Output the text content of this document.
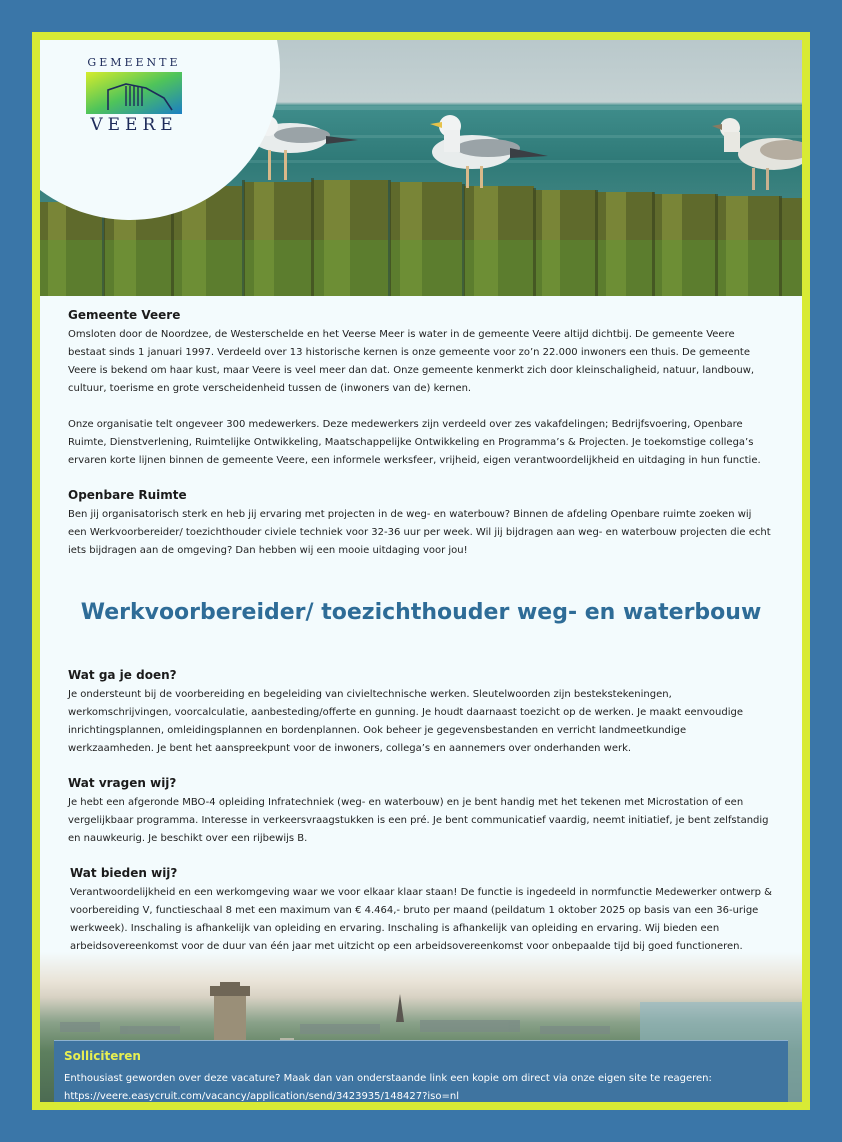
GEMEENTE
VEERE
Gemeente Veere

Omsloten door de Noordzee, de Westerschelde en het Veerse Meer is water in de gemeente Veere altijd dichtbij. De gemeente Veere bestaat sinds 1 januari 1997. Verdeeld over 13 historische kernen is onze gemeente voor zo’n 22.000 inwoners een thuis. De gemeente Veere is bekend om haar kust, maar Veere is veel meer dan dat. Onze gemeente kenmerkt zich door kleinschaligheid, natuur, landbouw, cultuur, toerisme en grote verscheidenheid tussen de (inwoners van de) kernen.

Onze organisatie telt ongeveer 300 medewerkers. Deze medewerkers zijn verdeeld over zes vakafdelingen; Bedrijfsvoering, Openbare Ruimte, Dienstverlening, Ruimtelijke Ontwikkeling, Maatschappelijke Ontwikkeling en Programma’s & Projecten. Je toekomstige collega’s ervaren korte lijnen binnen de gemeente Veere, een informele werksfeer, vrijheid, eigen verantwoordelijkheid en uitdaging in hun functie.

Openbare Ruimte

Ben jij organisatorisch sterk en heb jij ervaring met projecten in de weg- en waterbouw? Binnen de afdeling Openbare ruimte zoeken wij een Werkvoorbereider/ toezichthouder civiele techniek voor 32-36 uur per week. Wil jij bijdragen aan weg- en waterbouw projecten die echt iets bijdragen aan de omgeving? Dan hebben wij een mooie uitdaging voor jou!

Werkvoorbereider/ toezichthouder weg- en waterbouw
Wat ga je doen?

Je ondersteunt bij de voorbereiding en begeleiding van civieltechnische werken. Sleutelwoorden zijn bestekstekeningen, werkomschrijvingen, voorcalculatie, aanbesteding/offerte en gunning. Je houdt daarnaast toezicht op de werken. Je maakt eenvoudige inrichtingsplannen, omleidingsplannen en bordenplannen. Ook beheer je gegevensbestanden en verricht landmeetkundige werkzaamheden. Je bent het aanspreekpunt voor de inwoners, collega’s en aannemers over onderhanden werk.

Wat vragen wij?

Je hebt een afgeronde MBO-4 opleiding Infratechniek (weg- en waterbouw) en je bent handig met het tekenen met Microstation of een vergelijkbaar programma. Interesse in verkeersvraagstukken is een pré. Je bent communicatief vaardig, neemt initiatief, je bent zelfstandig en nauwkeurig. Je beschikt over een rijbewijs B.

Wat bieden wij?

Verantwoordelijkheid en een werkomgeving waar we voor elkaar klaar staan! De functie is ingedeeld in normfunctie Medewerker ontwerp & voorbereiding V, functieschaal 8 met een maximum van € 4.464,- bruto per maand (peildatum 1 oktober 2025 op basis van een 36-urige werkweek). Inschaling is afhankelijk van opleiding en ervaring. Inschaling is afhankelijk van opleiding en ervaring. Wij bieden een arbeidsovereenkomst voor de duur van één jaar met uitzicht op een arbeidsovereenkomst voor onbepaalde tijd bij goed functioneren.

Solliciteren

Enthousiast geworden over deze vacature? Maak dan van onderstaande link een kopie om direct via onze eigen site te reageren:

https://veere.easycruit.com/vacancy/application/send/3423935/148427?iso=nl
